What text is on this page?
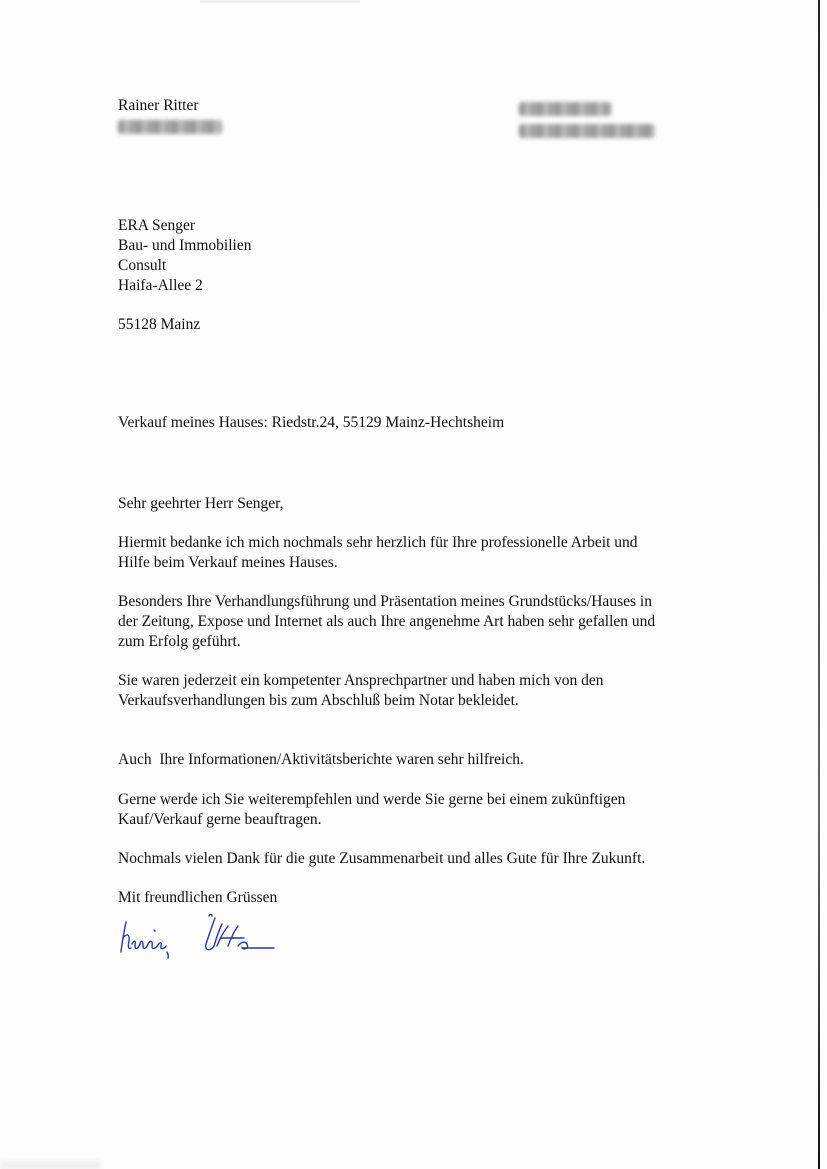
Rainer Ritter
ERA Senger
Bau- und Immobilien
Consult
Haifa-Allee 2
55128 Mainz
Verkauf meines Hauses: Riedstr.24, 55129 Mainz-Hechtsheim
Sehr geehrter Herr Senger,
Hiermit bedanke ich mich nochmals sehr herzlich für Ihre professionelle Arbeit und
Hilfe beim Verkauf meines Hauses.
Besonders Ihre Verhandlungsführung und Präsentation meines Grundstücks/Hauses in
der Zeitung, Expose und Internet als auch Ihre angenehme Art haben sehr gefallen und
zum Erfolg geführt.
Sie waren jederzeit ein kompetenter Ansprechpartner und haben mich von den
Verkaufsverhandlungen bis zum Abschluß beim Notar bekleidet.
Auch  Ihre Informationen/Aktivitätsberichte waren sehr hilfreich.
Gerne werde ich Sie weiterempfehlen und werde Sie gerne bei einem zukünftigen
Kauf/Verkauf gerne beauftragen.
Nochmals vielen Dank für die gute Zusammenarbeit und alles Gute für Ihre Zukunft.
Mit freundlichen Grüssen
